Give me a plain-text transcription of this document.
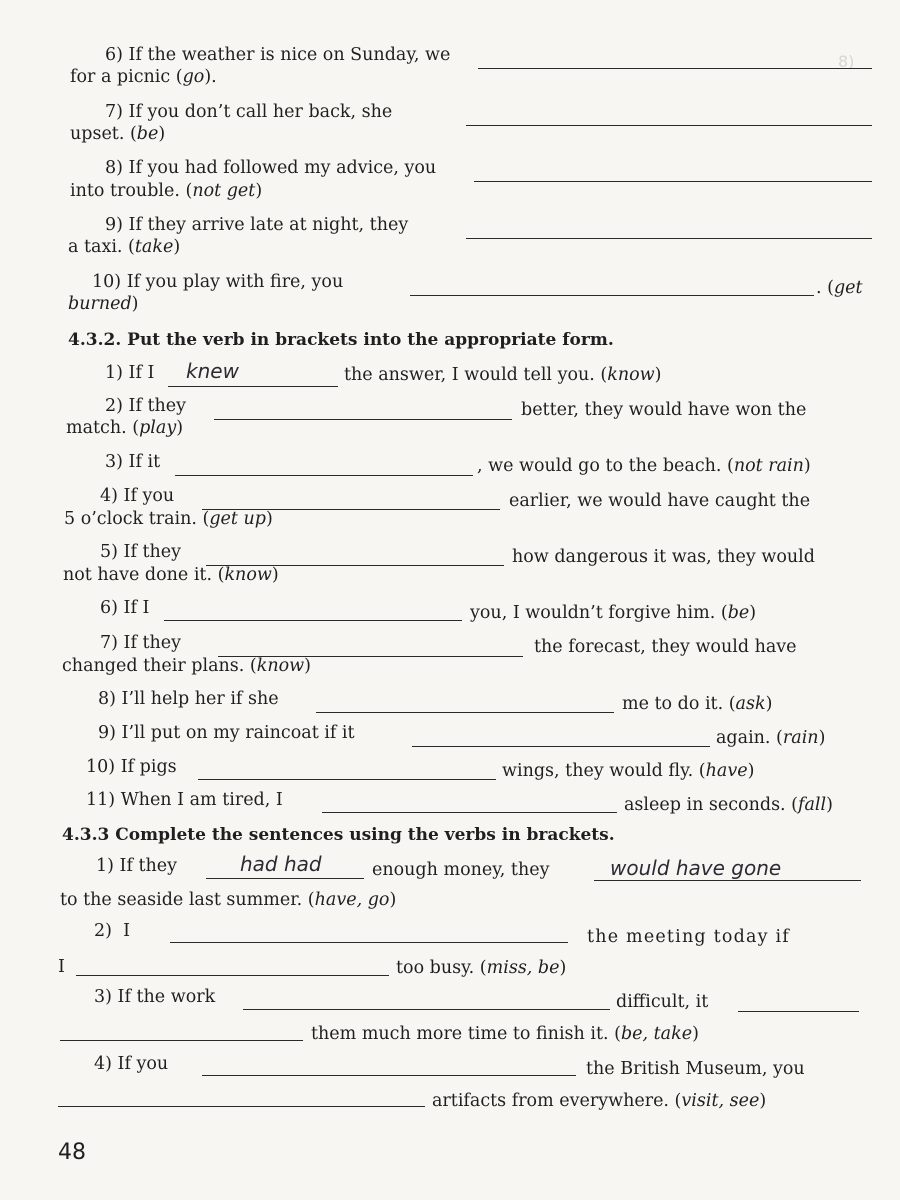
8)
6) If the weather is nice on Sunday, we
for a picnic (go).
7) If you don’t call her back, she
upset. (be)
8) If you had followed my advice, you
into trouble. (not get)
9) If they arrive late at night, they
a taxi. (take)
10) If you play with fire, you	. (get
burned)
4.3.2. Put the verb in brackets into the appropriate form.
1) If I knew	the answer, I would tell you. (know)
2) If they	better, they would have won the
match. (play)
3) If it	, we would go to the beach. (not rain)
4) If you	earlier, we would have caught the
5 o’clock train. (get up)
5) If they	how dangerous it was, they would
not have done it. (know)
6) If I	you, I wouldn’t forgive him. (be)
7) If they	the forecast, they would have
changed their plans. (know)
8) I’ll help her if she	me to do it. (ask)
9) I’ll put on my raincoat if it	again. (rain)
10) If pigs	wings, they would fly. (have)
11) When I am tired, I	asleep in seconds. (fall)
4.3.3 Complete the sentences using the verbs in brackets.
1) If they	had had	enough money, they	would have gone
to the seaside last summer. (have, go)
2) I	the meeting today if
I	too busy. (miss, be)
3) If the work	difficult, it
them much more time to finish it. (be, take)
4) If you	the British Museum, you
artifacts from everywhere. (visit, see)
48
